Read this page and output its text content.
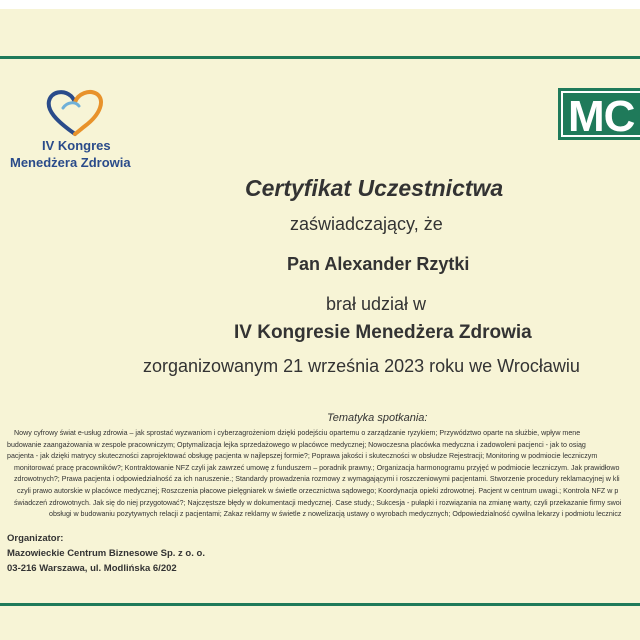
IV Kongres
Menedżera Zdrowia
MC
Certyfikat Uczestnictwa
zaświadczający, że
Pan Alexander Rzytki
brał udział w
IV Kongresie Menedżera Zdrowia
zorganizowanym 21 września 2023 roku we Wrocławiu
Tematyka spotkania:
Nowy cyfrowy świat e-usług zdrowia – jak sprostać wyzwaniom i cyberzagrożeniom dzięki podejściu opartemu o zarządzanie ryzykiem; Przywództwo oparte na służbie, wpływ mene
budowanie zaangażowania w zespole pracowniczym; Optymalizacja lejka sprzedażowego w placówce medycznej; Nowoczesna placówka medyczna i zadowoleni pacjenci - jak to osiąg
pacjenta - jak dzięki matrycy skuteczności zaprojektować obsługę pacjenta w najlepszej formie?; Poprawa jakości i skuteczności w obsłudze Rejestracji; Monitoring w podmiocie leczniczym
monitorować pracę pracowników?; Kontraktowanie NFZ czyli jak zawrzeć umowę z funduszem – poradnik prawny.; Organizacja harmonogramu przyjęć w podmiocie leczniczym. Jak prawidłowo
zdrowotnych?; Prawa pacjenta i odpowiedzialność za ich naruszenie.; Standardy prowadzenia rozmowy z wymagającymi i roszczeniowymi pacjentami. Stworzenie procedury reklamacyjnej w kli
czyli prawo autorskie w placówce medycznej; Roszczenia płacowe pielęgniarek w świetle orzecznictwa sądowego; Koordynacja opieki zdrowotnej. Pacjent w centrum uwagi.; Kontrola NFZ w p
świadczeń zdrowotnych. Jak się do niej przygotować?; Najczęstsze błędy w dokumentacji medycznej. Case study.; Sukcesja - pułapki i rozwiązania na zmianę warty, czyli przekazanie firmy swoi
obsługi w budowaniu pozytywnych relacji z pacjentami; Zakaz reklamy w świetle z nowelizacją ustawy o wyrobach medycznych; Odpowiedzialność cywilna lekarzy i podmiotu lecznicz
Organizator:
Mazowieckie Centrum Biznesowe Sp. z o. o.
03-216 Warszawa, ul. Modlińska 6/202
